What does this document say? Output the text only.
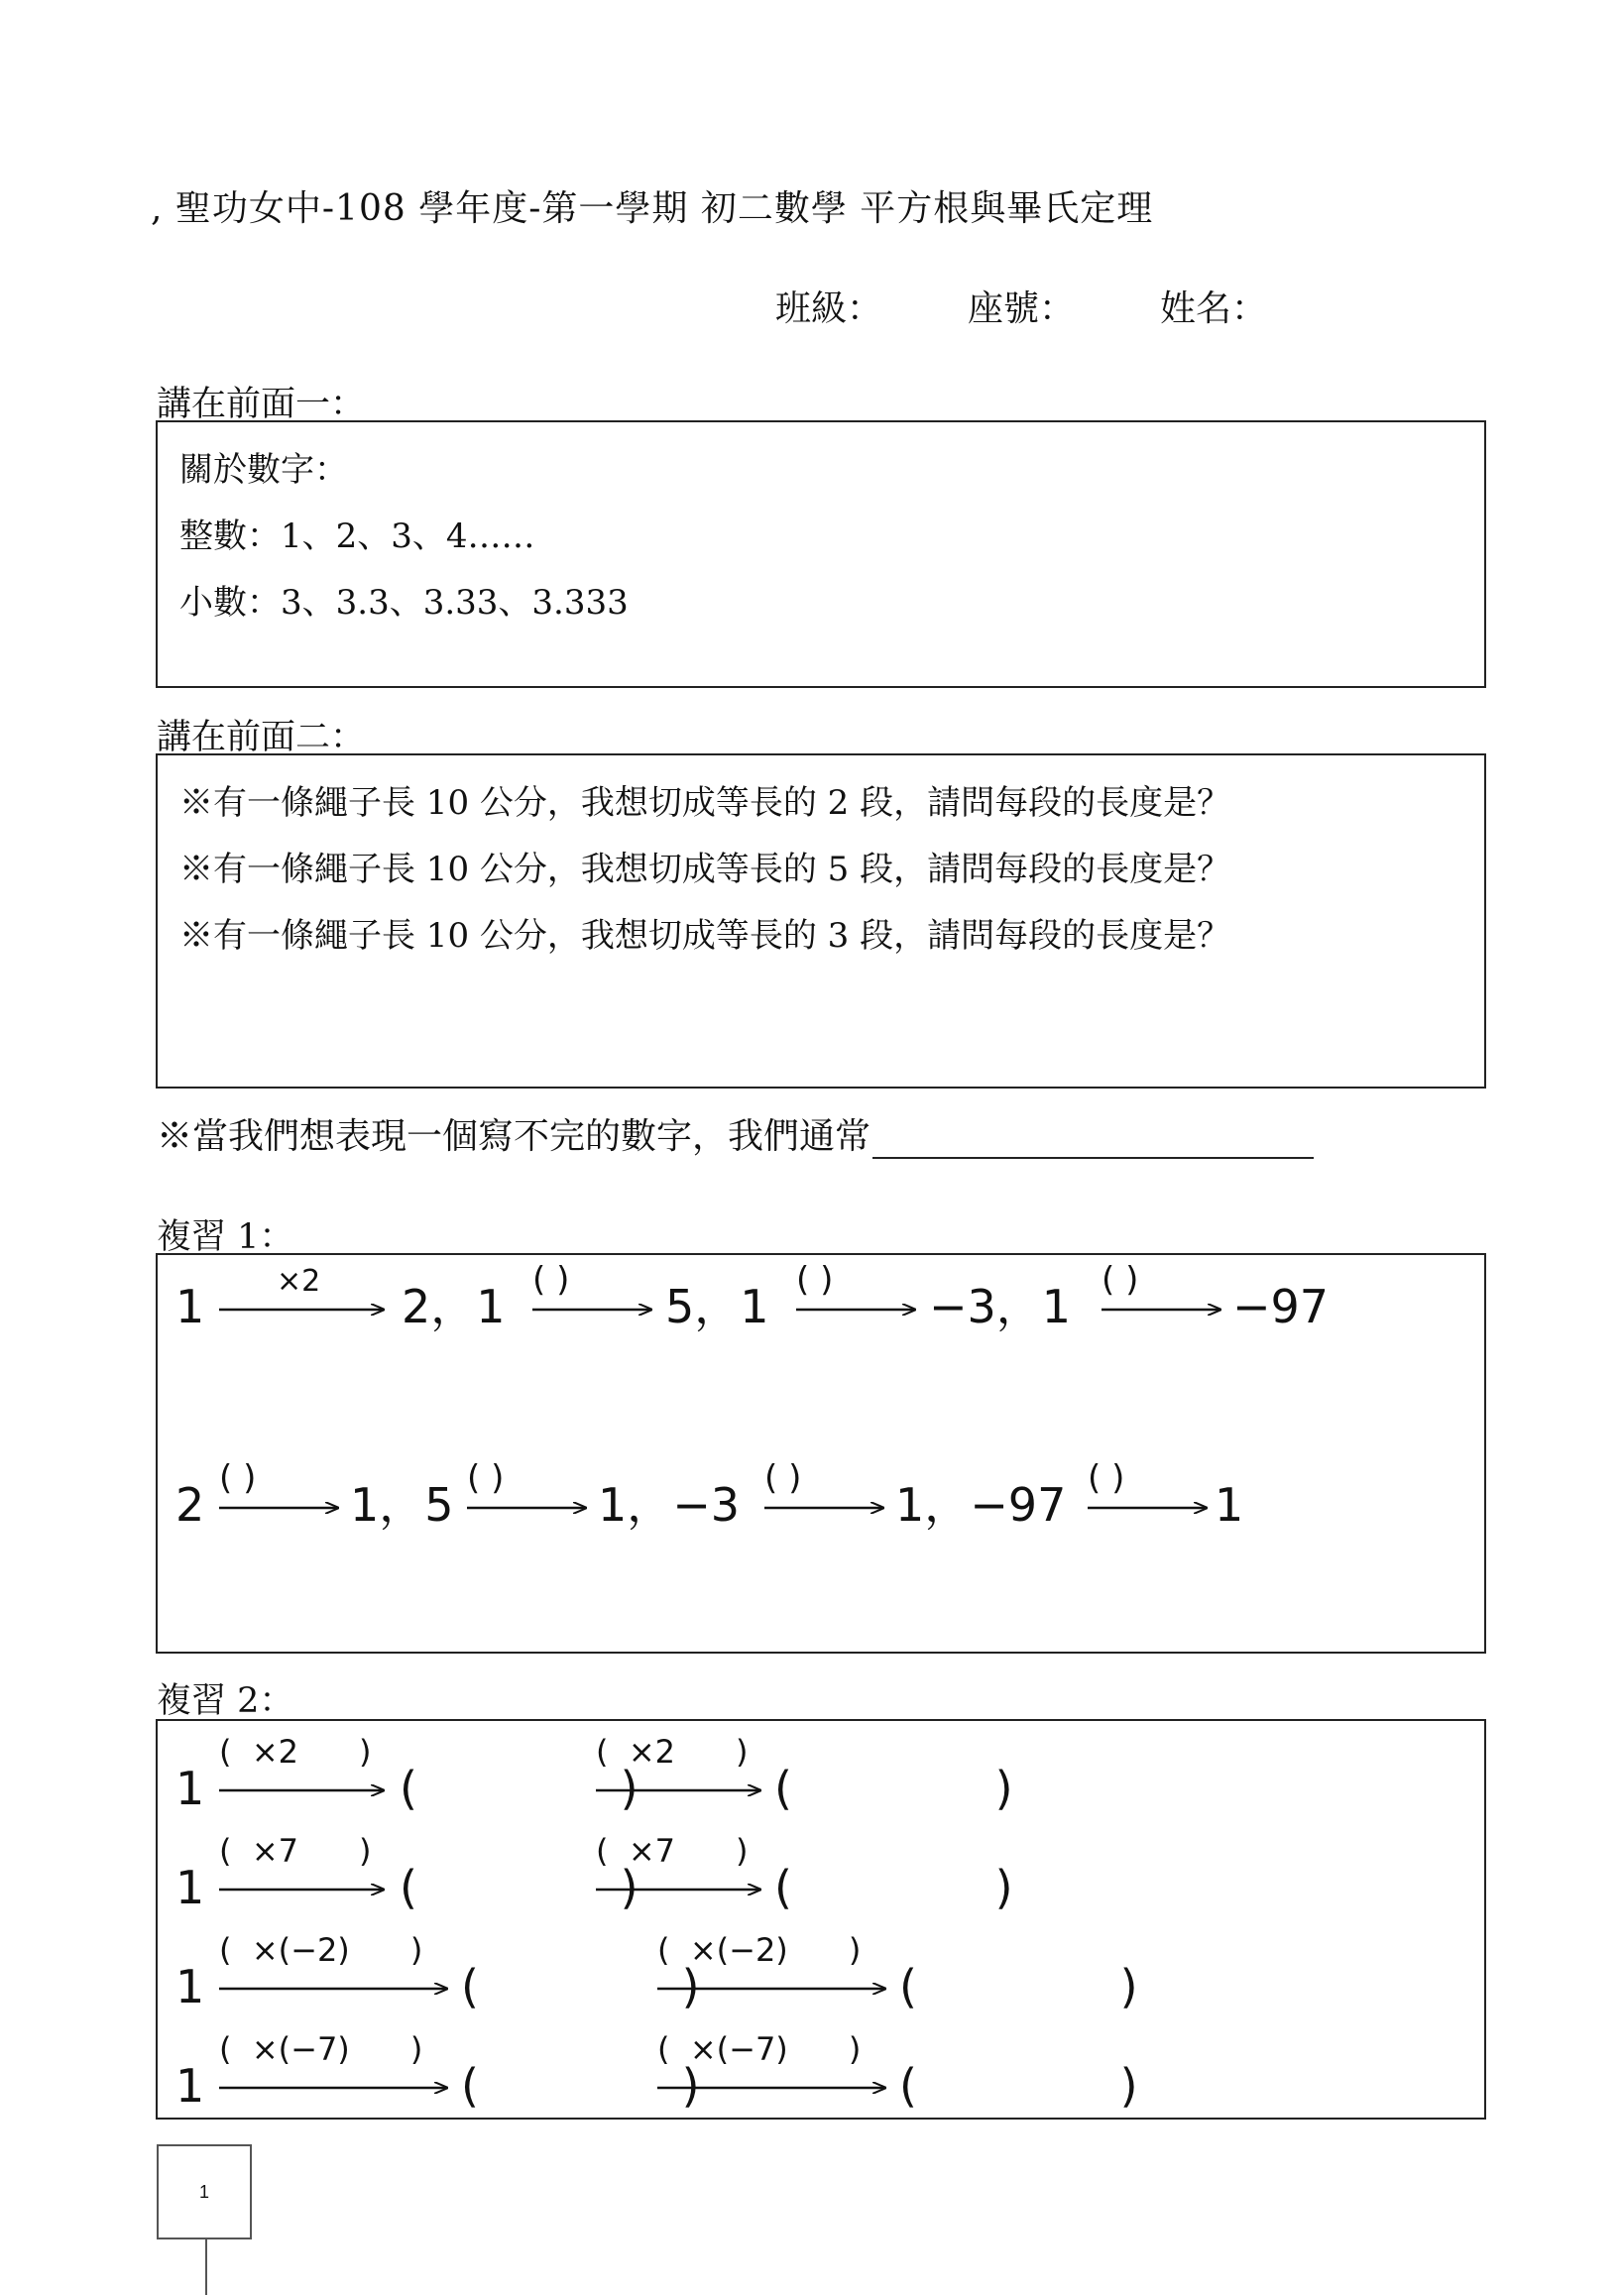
, 聖功女中-108 學年度-第一學期 初二數學 平方根與畢氏定理
班級： 座號： 姓名：
講在前面一：
關於數字：
整數：1、2、3、4……
小數：3、3.3、3.33、3.333
講在前面二：
※有一條繩子長 10 公分，我想切成等長的 2 段，請問每段的長度是？
※有一條繩子長 10 公分，我想切成等長的 5 段，請問每段的長度是？
※有一條繩子長 10 公分，我想切成等長的 3 段，請問每段的長度是？
※當我們想表現一個寫不完的數字，我們通常
複習 1：
1 ×2 2，1 ( ) 5，1 ( ) −3，1 ( ) −97
2 ( ) 1，5 ( ) 1，−3 ( ) 1，−97 ( ) 1
複習 2：
1
(  ×2      )
(              )
(  ×2      )
(              )
1
(  ×7      )
(              )
(  ×7      )
(              )
1
(  ×(−2)      )
(              )
(  ×(−2)      )
(              )
1
(  ×(−7)      )
(              )
(  ×(−7)      )
(              )
1
